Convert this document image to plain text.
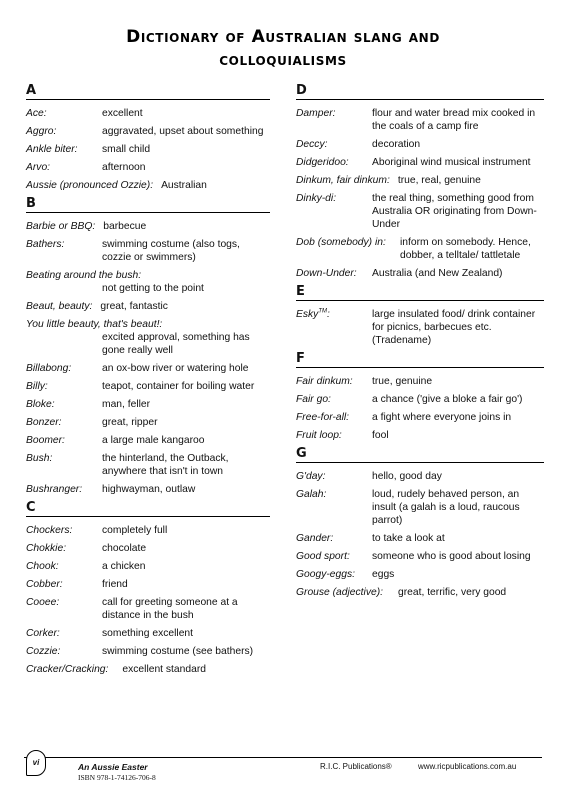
Dictionary of Australian slang and
colloquialisms
A
Ace:	excellent
Aggro:	aggravated, upset about something
Ankle biter:	small child
Arvo:	afternoon
Aussie (pronounced Ozzie): Australian
B
Barbie or BBQ: barbecue
Bathers:	swimming costume (also togs, cozzie or swimmers)
Beating around the bush:
not getting to the point
Beaut, beauty: great, fantastic
You little beauty, that's beaut!:
excited approval, something has gone really well
Billabong:	an ox-bow river or watering hole
Billy:	teapot, container for boiling water
Bloke:	man, feller
Bonzer:	great, ripper
Boomer:	a large male kangaroo
Bush:	the hinterland, the Outback, anywhere that isn't in town
Bushranger:	highwayman, outlaw
C
Chockers:	completely full
Chokkie:	chocolate
Chook:	a chicken
Cobber:	friend
Cooee:	call for greeting someone at a distance in the bush
Corker:	something excellent
Cozzie:	swimming costume (see bathers)
Cracker/Cracking: excellent standard
D
Damper:	flour and water bread mix cooked in the coals of a camp fire
Deccy:	decoration
Didgeridoo:	Aboriginal wind musical instrument
Dinkum, fair dinkum: true, real, genuine
Dinky-di:	the real thing, something good from Australia OR originating from Down-Under
Dob (somebody) in:	inform on somebody. Hence, dobber, a telltale/ tattletale
Down-Under:	Australia (and New Zealand)
E
Esky™:	large insulated food/ drink container for picnics, barbecues etc. (Tradename)
F
Fair dinkum:	true, genuine
Fair go:	a chance ('give a bloke a fair go')
Free-for-all:	a fight where everyone joins in
Fruit loop:	fool
G
G'day:	hello, good day
Galah:	loud, rudely behaved person, an insult (a galah is a loud, raucous parrot)
Gander:	to take a look at
Good sport:	someone who is good about losing
Googy-eggs:	eggs
Grouse (adjective):	great, terrific, very good
vi	An Aussie Easter
ISBN 978-1-74126-706-8
R.I.C. Publications®	www.ricpublications.com.au
